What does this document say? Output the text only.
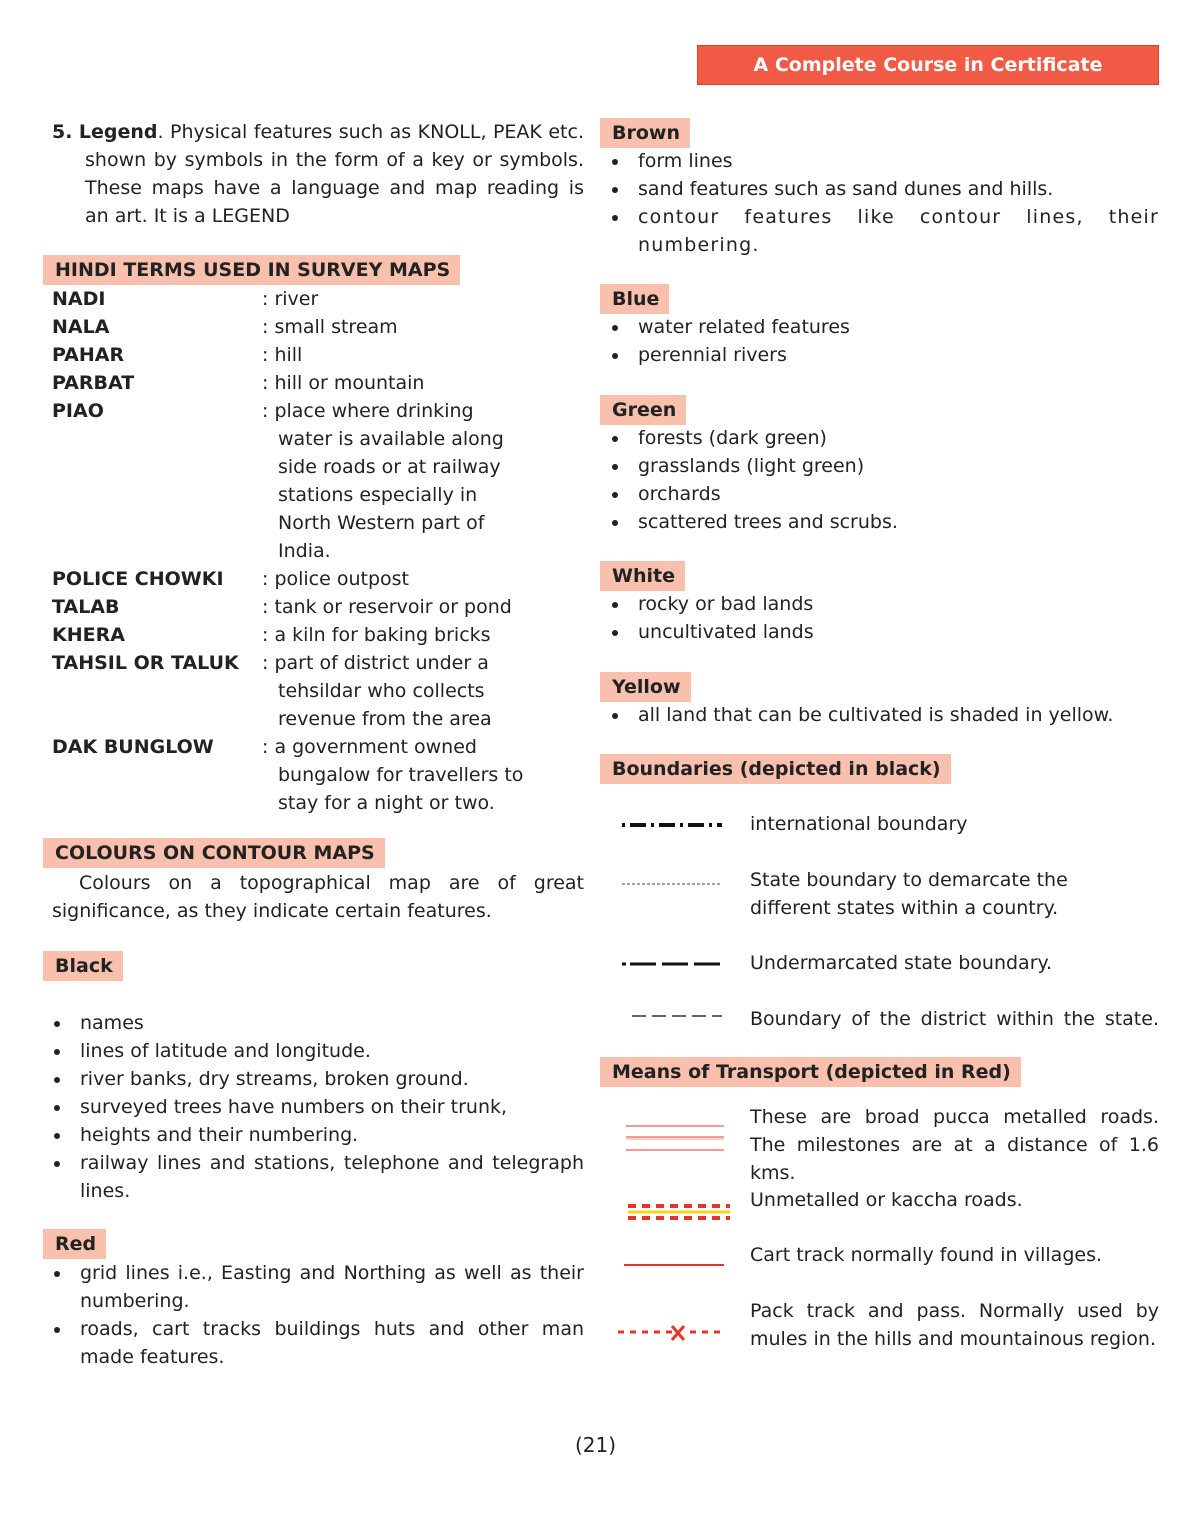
A Complete Course in Certificate Geography-II

5. Legend. Physical features such as KNOLL, PEAK etc. shown by symbols in the form of a key or symbols. These maps have a language and map reading is an art. It is a LEGEND

HINDI TERMS USED IN SURVEY MAPS
NADI	: river
NALA	: small stream
PAHAR	: hill
PARBAT	: hill or mountain
PIAO	: place where drinking
water is available along
side roads or at railway
stations especially in
North Western part of
India.
POLICE CHOWKI : police outpost
TALAB	: tank or reservoir or pond
KHERA	: a kiln for baking bricks
TAHSIL OR TALUK : part of district under a
tehsildar who collects
revenue from the area
DAK BUNGLOW	: a government owned
bungalow for travellers to
stay for a night or two.
COLOURS ON CONTOUR MAPS

Colours on a topographical map are of great significance, as they indicate certain features.

Black
names
lines of latitude and longitude.
river banks, dry streams, broken ground.
surveyed trees have numbers on their trunk,
heights and their numbering.
railway lines and stations, telephone and telegraph lines.
Red
grid lines i.e., Easting and Northing as well as their numbering.
roads, cart tracks buildings huts and other man made features.
Brown
form lines
sand features such as sand dunes and hills.
contour features like contour lines, their numbering.
Blue
water related features
perennial rivers
Green
forests (dark green)
grasslands (light green)
orchards
scattered trees and scrubs.
White
rocky or bad lands
uncultivated lands
Yellow
all land that can be cultivated is shaded in yellow.
Boundaries (depicted in black)
international boundary
State boundary to demarcate the
different states within a country.
Undermarcated state boundary.
Boundary of the district within the state.
Means of Transport (depicted in Red)

These are broad pucca metalled roads. The milestones are at a distance of 1.6 kms.

Unmetalled or kaccha roads.

Cart track normally found in villages.

Pack track and pass. Normally used by mules in the hills and mountainous region.

(21)
